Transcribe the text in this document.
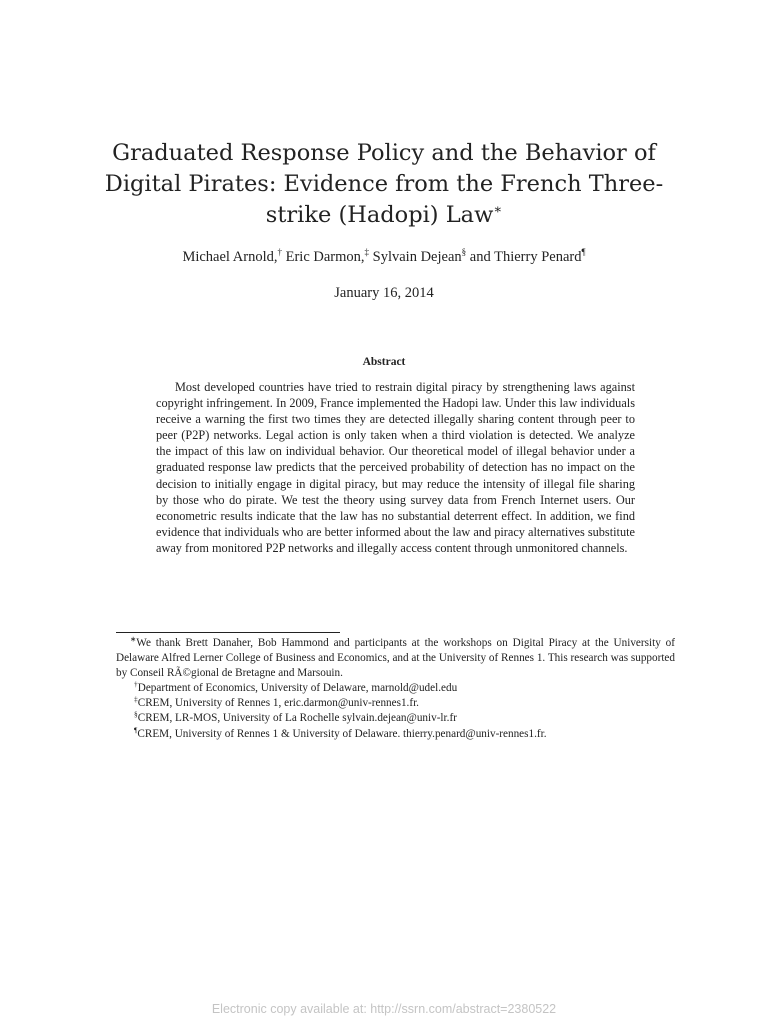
Graduated Response Policy and the Behavior of Digital Pirates: Evidence from the French Three-strike (Hadopi) Law∗
Michael Arnold,† Eric Darmon,‡ Sylvain Dejean§ and Thierry Penard¶
January 16, 2014
Abstract

Most developed countries have tried to restrain digital piracy by strengthening laws against copyright infringement. In 2009, France implemented the Hadopi law. Under this law individuals receive a warning the first two times they are detected illegally sharing content through peer to peer (P2P) networks. Legal action is only taken when a third violation is detected. We analyze the impact of this law on individual behavior. Our theoretical model of illegal behavior under a graduated response law predicts that the perceived probability of detection has no impact on the decision to initially engage in digital piracy, but may reduce the intensity of illegal file sharing by those who do pirate. We test the theory using survey data from French Internet users. Our econometric results indicate that the law has no substantial deterrent effect. In addition, we find evidence that individuals who are better informed about the law and piracy alternatives substitute away from monitored P2P networks and illegally access content through unmonitored channels.

∗We thank Brett Danaher, Bob Hammond and participants at the workshops on Digital Piracy at the University of Delaware Alfred Lerner College of Business and Economics, and at the University of Rennes 1. This research was supported by Conseil RÃ©gional de Bretagne and Marsouin.

†Department of Economics, University of Delaware, marnold@udel.edu

‡CREM, University of Rennes 1, eric.darmon@univ-rennes1.fr.

§CREM, LR-MOS, University of La Rochelle sylvain.dejean@univ-lr.fr

¶CREM, University of Rennes 1 & University of Delaware. thierry.penard@univ-rennes1.fr.

Electronic copy available at: http://ssrn.com/abstract=2380522
